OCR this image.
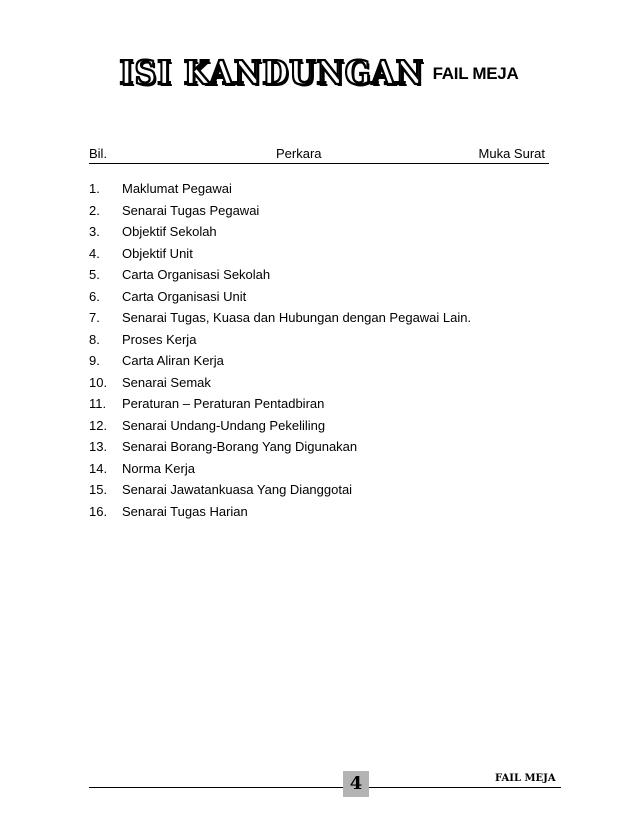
ISI KANDUNGAN FAIL MEJA
Bil.	Perkara	Muka Surat
1. Maklumat Pegawai
2. Senarai Tugas Pegawai
3. Objektif Sekolah
4. Objektif Unit
5. Carta Organisasi Sekolah
6. Carta Organisasi Unit
7. Senarai Tugas, Kuasa dan Hubungan dengan Pegawai Lain.
8. Proses Kerja
9. Carta Aliran Kerja
10. Senarai Semak
11. Peraturan – Peraturan Pentadbiran
12. Senarai Undang-Undang Pekeliling
13. Senarai Borang-Borang Yang Digunakan
14. Norma Kerja
15. Senarai Jawatankuasa Yang Dianggotai
16. Senarai Tugas Harian
4	FAIL MEJA
